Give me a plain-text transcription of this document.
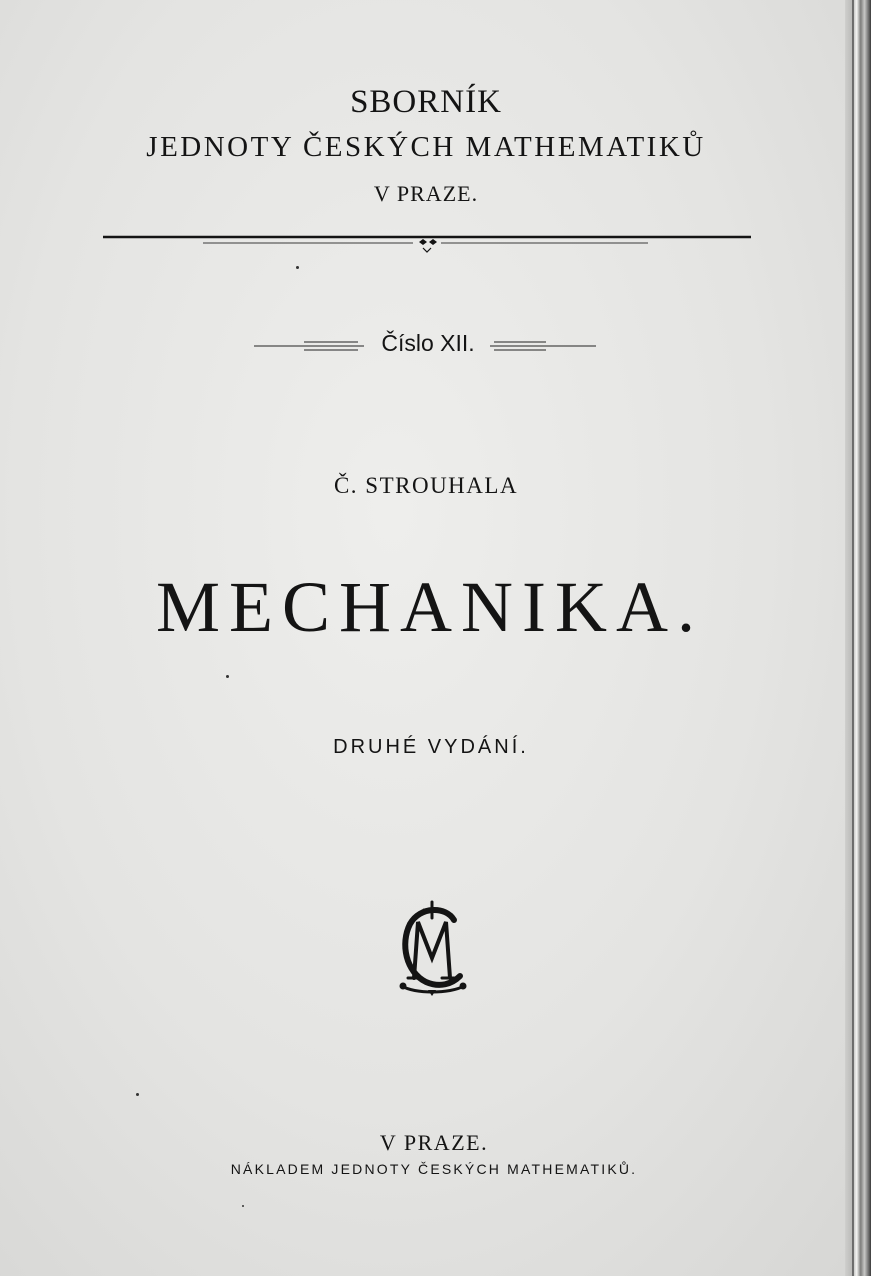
SBORNÍK
JEDNOTY ČESKÝCH MATHEMATIKŮ
V PRAZE.
Číslo XII.
Č. STROUHALA
MECHANIKA.
DRUHÉ VYDÁNÍ.
V PRAZE.
NÁKLADEM JEDNOTY ČESKÝCH MATHEMATIKŮ.
